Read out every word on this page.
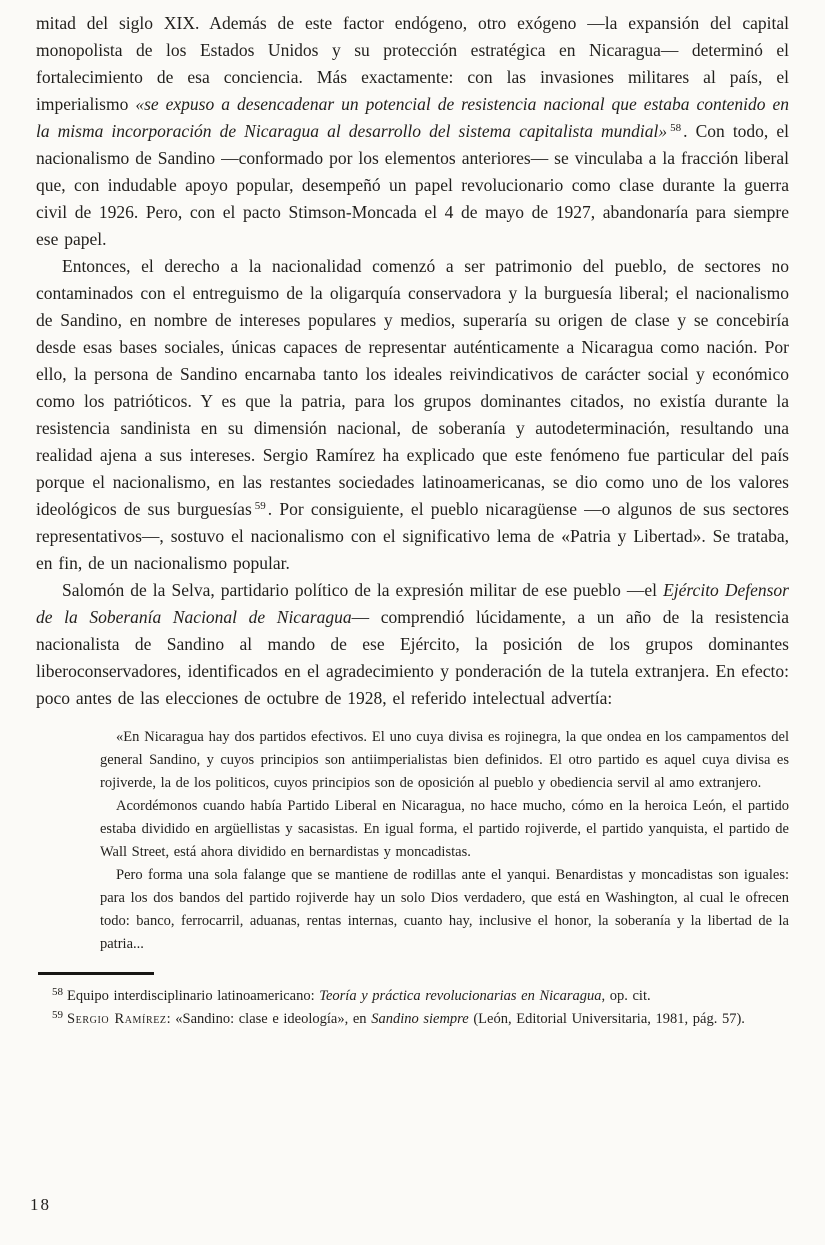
mitad del siglo XIX. Además de este factor endógeno, otro exógeno —la expansión del capital monopolista de los Estados Unidos y su protección estratégica en Nicaragua— determinó el fortalecimiento de esa conciencia. Más exactamente: con las invasiones militares al país, el imperialismo «se expuso a desencadenar un potencial de resistencia nacional que estaba contenido en la misma incorporación de Nicaragua al desarrollo del sistema capitalista mundial» $^{58}$ . Con todo, el nacionalismo de Sandino —conformado por los elementos anteriores— se vinculaba a la fracción liberal que, con indudable apoyo popular, desempeñó un papel revolucionario como clase durante la guerra civil de 1926. Pero, con el pacto Stimson-Moncada el 4 de mayo de 1927, abandonaría para siempre ese papel.

Entonces, el derecho a la nacionalidad comenzó a ser patrimonio del pueblo, de sectores no contaminados con el entreguismo de la oligarquía conservadora y la burguesía liberal; el nacionalismo de Sandino, en nombre de intereses populares y medios, superaría su origen de clase y se concebiría desde esas bases sociales, únicas capaces de representar auténticamente a Nicaragua como nación. Por ello, la persona de Sandino encarnaba tanto los ideales reivindicativos de carácter social y económico como los patrióticos. Y es que la patria, para los grupos dominantes citados, no existía durante la resistencia sandinista en su dimensión nacional, de soberanía y autodeterminación, resultando una realidad ajena a sus intereses. Sergio Ramírez ha explicado que este fenómeno fue particular del país porque el nacionalismo, en las restantes sociedades latinoamericanas, se dio como uno de los valores ideológicos de sus burguesías $^{59}$ . Por consiguiente, el pueblo nicaragüense —o algunos de sus sectores representativos—, sostuvo el nacionalismo con el significativo lema de «Patria y Libertad». Se trataba, en fin, de un nacionalismo popular.

Salomón de la Selva, partidario político de la expresión militar de ese pueblo —el Ejército Defensor de la Soberanía Nacional de Nicaragua— comprendió lúcidamente, a un año de la resistencia nacionalista de Sandino al mando de ese Ejército, la posición de los grupos dominantes liberoconservadores, identificados en el agradecimiento y ponderación de la tutela extranjera. En efecto: poco antes de las elecciones de octubre de 1928, el referido intelectual advertía:

«En Nicaragua hay dos partidos efectivos. El uno cuya divisa es rojinegra, la que ondea en los campamentos del general Sandino, y cuyos principios son antiimperialistas bien definidos. El otro partido es aquel cuya divisa es rojiverde, la de los politicos, cuyos principios son de oposición al pueblo y obediencia servil al amo extranjero.

Acordémonos cuando había Partido Liberal en Nicaragua, no hace mucho, cómo en la heroica León, el partido estaba dividido en argüellistas y sacasistas. En igual forma, el partido rojiverde, el partido yanquista, el partido de Wall Street, está ahora dividido en bernardistas y moncadistas.

Pero forma una sola falange que se mantiene de rodillas ante el yanqui. Benardistas y moncadistas son iguales: para los dos bandos del partido rojiverde hay un solo Dios verdadero, que está en Washington, al cual le ofrecen todo: banco, ferrocarril, aduanas, rentas internas, cuanto hay, inclusive el honor, la soberanía y la libertad de la patria...

$^{58}$ Equipo interdisciplinario latinoamericano: Teoría y práctica revolucionarias en Nicaragua, op. cit.

$^{59}$ Sergio Ramírez: «Sandino: clase e ideología», en Sandino siempre (León, Editorial Universitaria, 1981, pág. 57).

18
